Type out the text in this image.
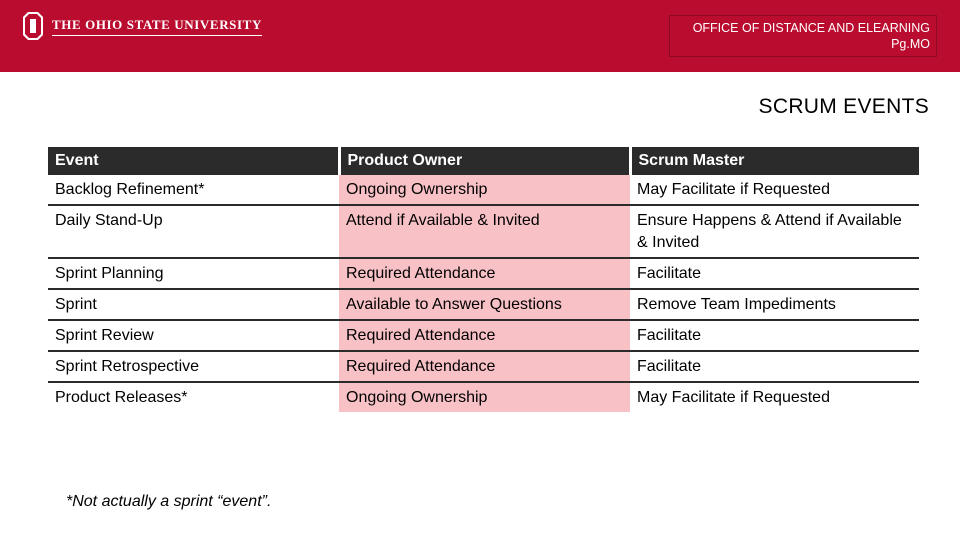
THE OHIO STATE UNIVERSITY	OFFICE OF DISTANCE AND ELEARNING
Pg.MO
SCRUM EVENTS
Event	Product Owner	Scrum Master
Backlog Refinement*	Ongoing Ownership	May Facilitate if Requested
Daily Stand-Up	Attend if Available & Invited	Ensure Happens & Attend if Available & Invited
Sprint Planning	Required Attendance	Facilitate
Sprint	Available to Answer Questions	Remove Team Impediments
Sprint Review	Required Attendance	Facilitate
Sprint Retrospective	Required Attendance	Facilitate
Product Releases*	Ongoing Ownership	May Facilitate if Requested
*Not actually a sprint “event”.
